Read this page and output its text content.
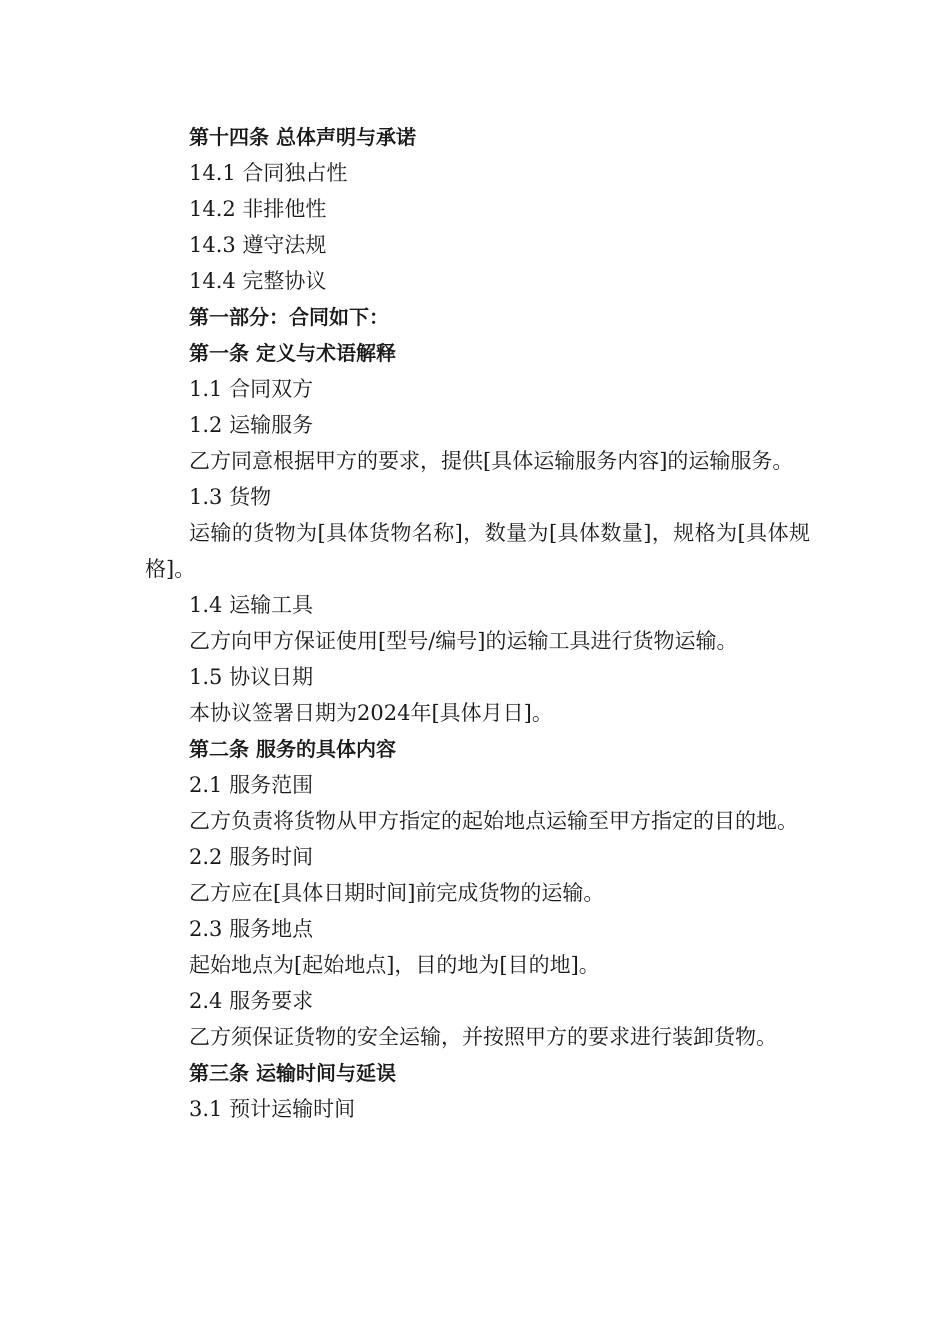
第十四条 总体声明与承诺

14.1 合同独占性

14.2 非排他性

14.3 遵守法规

14.4 完整协议

第一部分：合同如下：

第一条 定义与术语解释

1.1 合同双方

1.2 运输服务

乙方同意根据甲方的要求，提供[具体运输服务内容]的运输服务。

1.3 货物

运输的货物为[具体货物名称]，数量为[具体数量]，规格为[具体规格]。

1.4 运输工具

乙方向甲方保证使用[型号/编号]的运输工具进行货物运输。

1.5 协议日期

本协议签署日期为2024年[具体月日]。

第二条 服务的具体内容

2.1 服务范围

乙方负责将货物从甲方指定的起始地点运输至甲方指定的目的地。

2.2 服务时间

乙方应在[具体日期时间]前完成货物的运输。

2.3 服务地点

起始地点为[起始地点]，目的地为[目的地]。

2.4 服务要求

乙方须保证货物的安全运输，并按照甲方的要求进行装卸货物。

第三条 运输时间与延误

3.1 预计运输时间
